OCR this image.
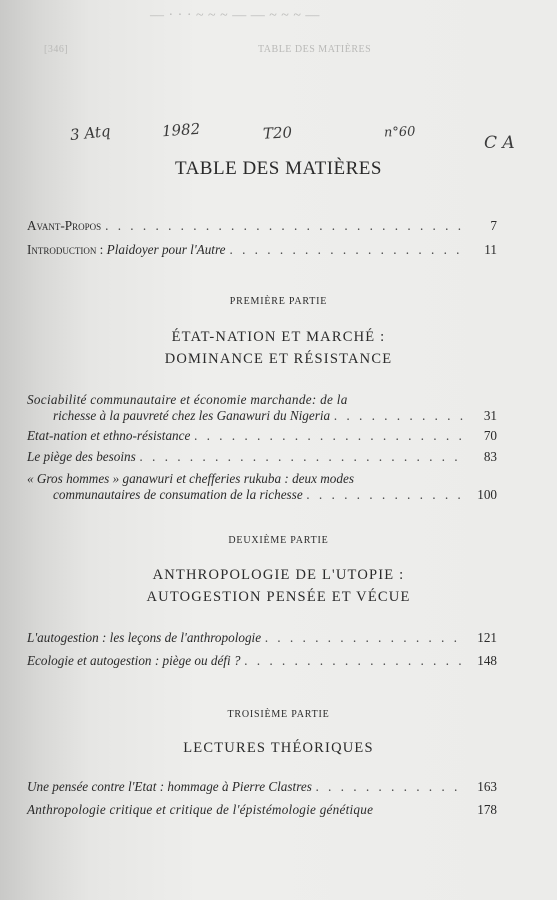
— · · · ~ ~ ~ — — ~ ~ ~ —
[346]	TABLE DES MATIÈRES
3 Atq	1982	T20	n°60
C A
TABLE DES MATIÈRES
Avant-Propos . . .	7
Introduction : Plaidoyer pour l'Autre . . .	11
PREMIÈRE PARTIE
ÉTAT-NATION ET MARCHÉ :
DOMINANCE ET RÉSISTANCE
Sociabilité communautaire et économie marchande: de la
richesse à la pauvreté chez les Ganawuri du Nigeria . . .	31
Etat-nation et ethno-résistance . . .	70
Le piège des besoins . . .	83
« Gros hommes » ganawuri et chefferies rukuba : deux modes
communautaires de consumation de la richesse . . .	100
DEUXIÈME PARTIE
ANTHROPOLOGIE DE L'UTOPIE :
AUTOGESTION PENSÉE ET VÉCUE
L'autogestion : les leçons de l'anthropologie . . .	121
Ecologie et autogestion : piège ou défi ? . . .	148
TROISIÈME PARTIE
LECTURES THÉORIQUES
Une pensée contre l'Etat : hommage à Pierre Clastres . . .	163
Anthropologie critique et critique de l'épistémologie génétique	178
